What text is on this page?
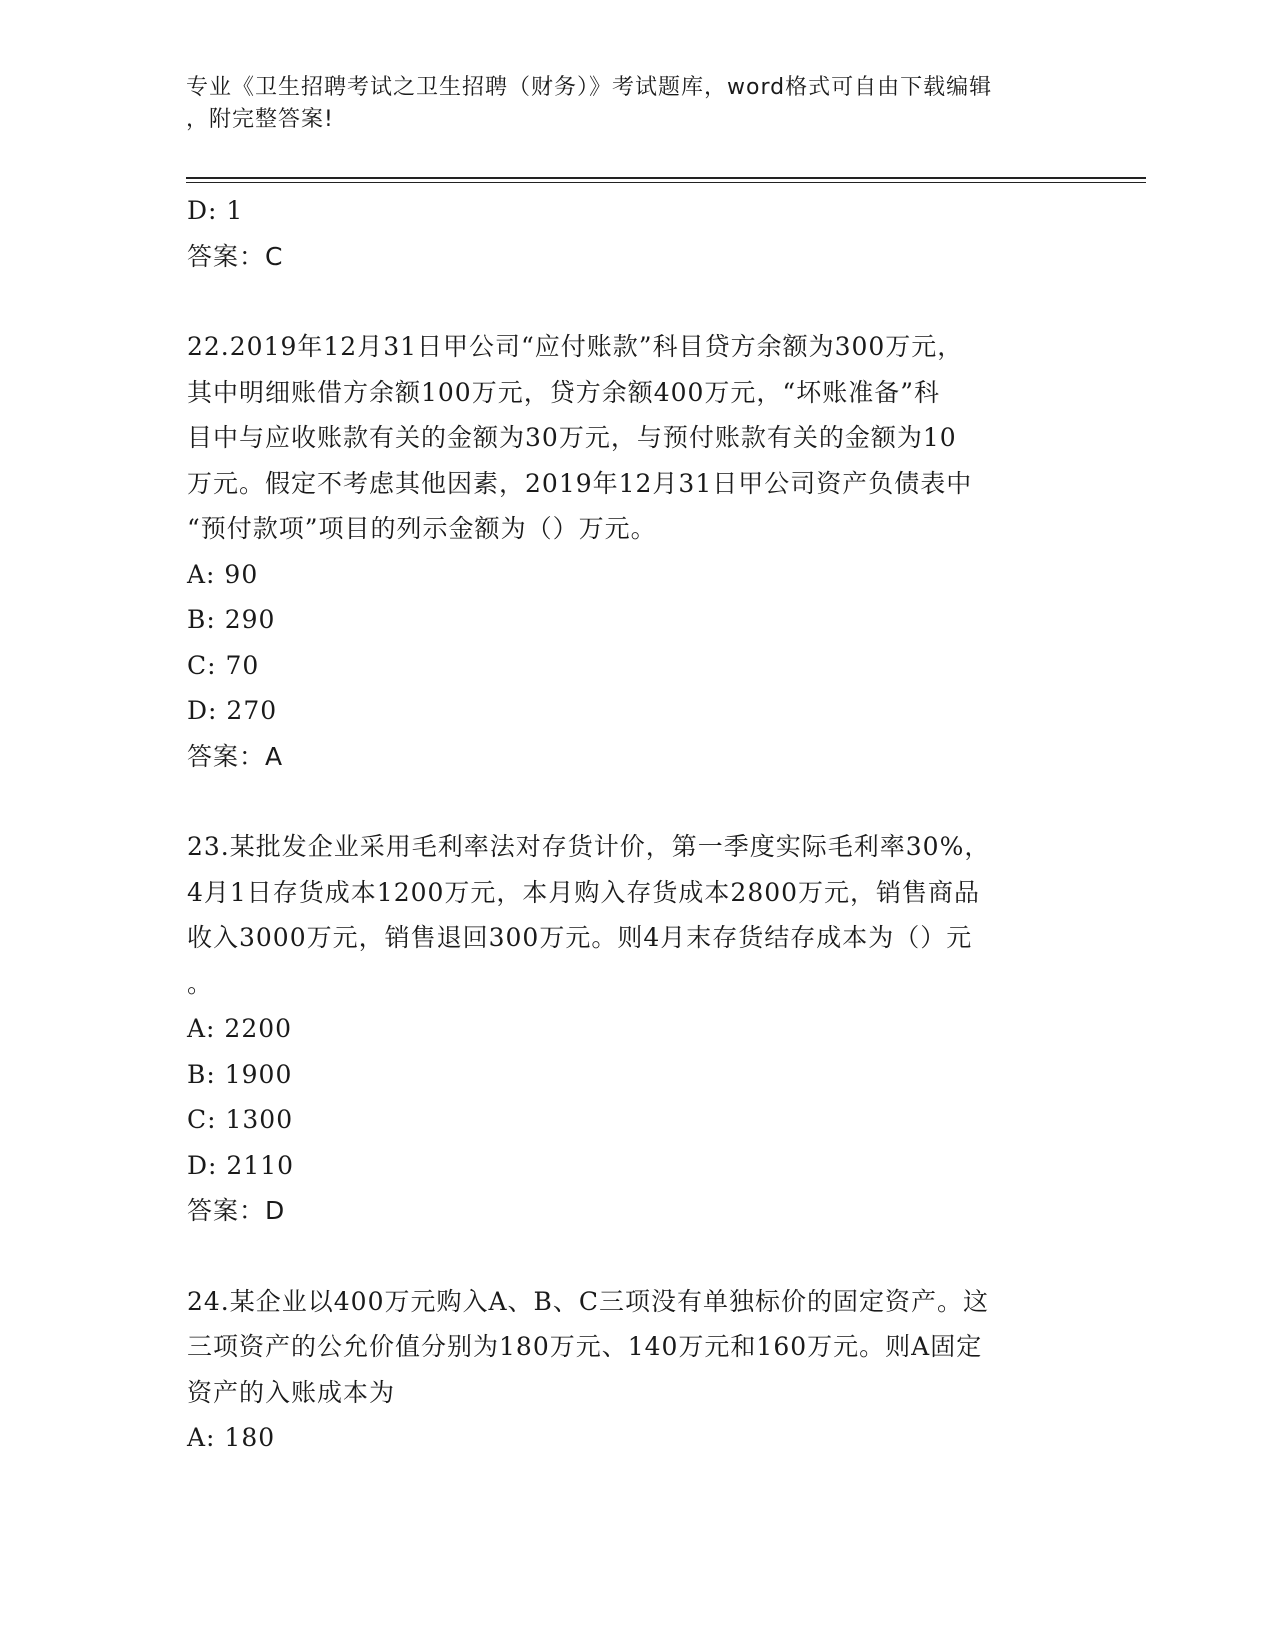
专业《卫生招聘考试之卫生招聘（财务）》考试题库，word格式可自由下载编辑
，附完整答案!

D: 1

答案：C

22.2019年12月31日甲公司“应付账款”科目贷方余额为300万元，

其中明细账借方余额100万元，贷方余额400万元，“坏账准备”科

目中与应收账款有关的金额为30万元，与预付账款有关的金额为10

万元。假定不考虑其他因素，2019年12月31日甲公司资产负债表中

“预付款项”项目的列示金额为（）万元。

A: 90

B: 290

C: 70

D: 270

答案：A

23.某批发企业采用毛利率法对存货计价，第一季度实际毛利率30%，

4月1日存货成本1200万元，本月购入存货成本2800万元，销售商品

收入3000万元，销售退回300万元。则4月末存货结存成本为（）元

。

A: 2200

B: 1900

C: 1300

D: 2110

答案：D

24.某企业以400万元购入A、B、C三项没有单独标价的固定资产。这

三项资产的公允价值分别为180万元、140万元和160万元。则A固定

资产的入账成本为

A: 180
